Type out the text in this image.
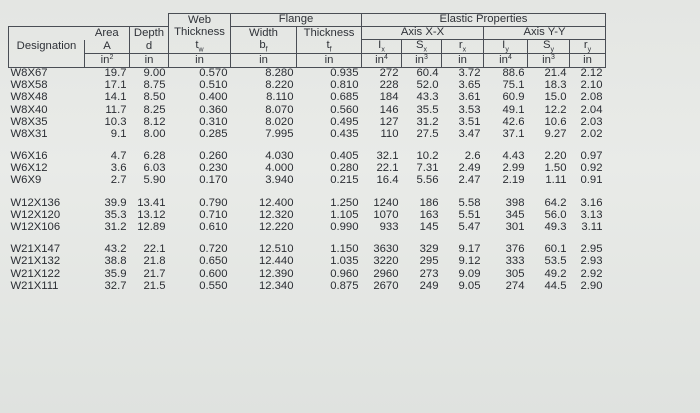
			Web	Flange		Elastic Properties					
	Area	Depth	Thickness	Width	Thickness	Axis X-X			Axis Y-Y		
Designation	A	d	$t_w$	$b_f$	$t_f$	$I_x$	$S_x$	$r_x$	$I_y$	$S_y$	$r_y$
	$in^2$	in	in	in	in	$in^4$	$in^3$	in	$in^4$	$in^3$	in
W8X67	19.7	9.00	0.570	8.280	0.935	272	60.4	3.72	88.6	21.4	2.12
W8X58	17.1	8.75	0.510	8.220	0.810	228	52.0	3.65	75.1	18.3	2.10
W8X48	14.1	8.50	0.400	8.110	0.685	184	43.3	3.61	60.9	15.0	2.08
W8X40	11.7	8.25	0.360	8.070	0.560	146	35.5	3.53	49.1	12.2	2.04
W8X35	10.3	8.12	0.310	8.020	0.495	127	31.2	3.51	42.6	10.6	2.03
W8X31	9.1	8.00	0.285	7.995	0.435	110	27.5	3.47	37.1	9.27	2.02

W6X16	4.7	6.28	0.260	4.030	0.405	32.1	10.2	2.6	4.43	2.20	0.97
W6X12	3.6	6.03	0.230	4.000	0.280	22.1	7.31	2.49	2.99	1.50	0.92
W6X9	2.7	5.90	0.170	3.940	0.215	16.4	5.56	2.47	2.19	1.11	0.91

W12X136	39.9	13.41	0.790	12.400	1.250	1240	186	5.58	398	64.2	3.16
W12X120	35.3	13.12	0.710	12.320	1.105	1070	163	5.51	345	56.0	3.13
W12X106	31.2	12.89	0.610	12.220	0.990	933	145	5.47	301	49.3	3.11

W21X147	43.2	22.1	0.720	12.510	1.150	3630	329	9.17	376	60.1	2.95
W21X132	38.8	21.8	0.650	12.440	1.035	3220	295	9.12	333	53.5	2.93
W21X122	35.9	21.7	0.600	12.390	0.960	2960	273	9.09	305	49.2	2.92
W21X111	32.7	21.5	0.550	12.340	0.875	2670	249	9.05	274	44.5	2.90
